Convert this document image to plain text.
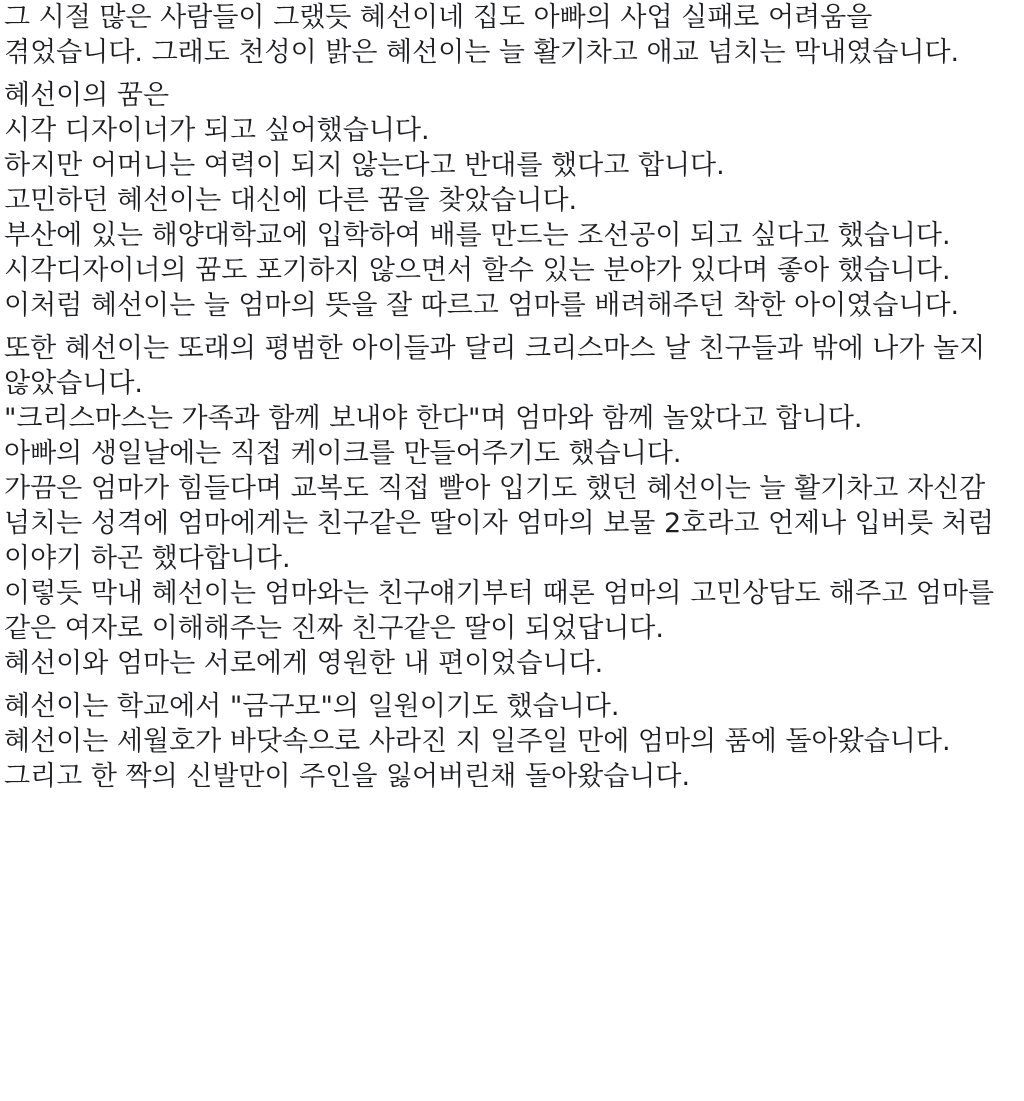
그 시절 많은 사람들이 그랬듯 혜선이네 집도 아빠의 사업 실패로 어려움을 겪었습니다. 그래도 천성이 밝은 혜선이는 늘 활기차고 애교 넘치는 막내였습니다.
혜선이의 꿈은
시각 디자이너가 되고 싶어했습니다.
하지만 어머니는 여력이 되지 않는다고 반대를 했다고 합니다.
고민하던 혜선이는 대신에 다른 꿈을 찾았습니다.
부산에 있는 해양대학교에 입학하여 배를 만드는 조선공이 되고 싶다고 했습니다. 시각디자이너의 꿈도 포기하지 않으면서 할수 있는 분야가 있다며 좋아 했습니다.
이처럼 혜선이는 늘 엄마의 뜻을 잘 따르고 엄마를 배려해주던 착한 아이였습니다.
또한 혜선이는 또래의 평범한 아이들과 달리 크리스마스 날 친구들과 밖에 나가 놀지 않았습니다.
"크리스마스는 가족과 함께 보내야 한다"며 엄마와 함께 놀았다고 합니다.
아빠의 생일날에는 직접 케이크를 만들어주기도 했습니다.
가끔은 엄마가 힘들다며 교복도 직접 빨아 입기도 했던 혜선이는 늘 활기차고 자신감 넘치는 성격에 엄마에게는 친구같은 딸이자 엄마의 보물 2호라고 언제나 입버릇 처럼 이야기 하곤 했다합니다.
이렇듯 막내 혜선이는 엄마와는 친구얘기부터 때론 엄마의 고민상담도 해주고 엄마를 같은 여자로 이해해주는 진짜 친구같은 딸이 되었답니다.
혜선이와 엄마는 서로에게 영원한 내 편이었습니다.
혜선이는 학교에서 "금구모"의 일원이기도 했습니다.
혜선이는 세월호가 바닷속으로 사라진 지 일주일 만에 엄마의 품에 돌아왔습니다.
그리고 한 짝의 신발만이 주인을 잃어버린채 돌아왔습니다.
